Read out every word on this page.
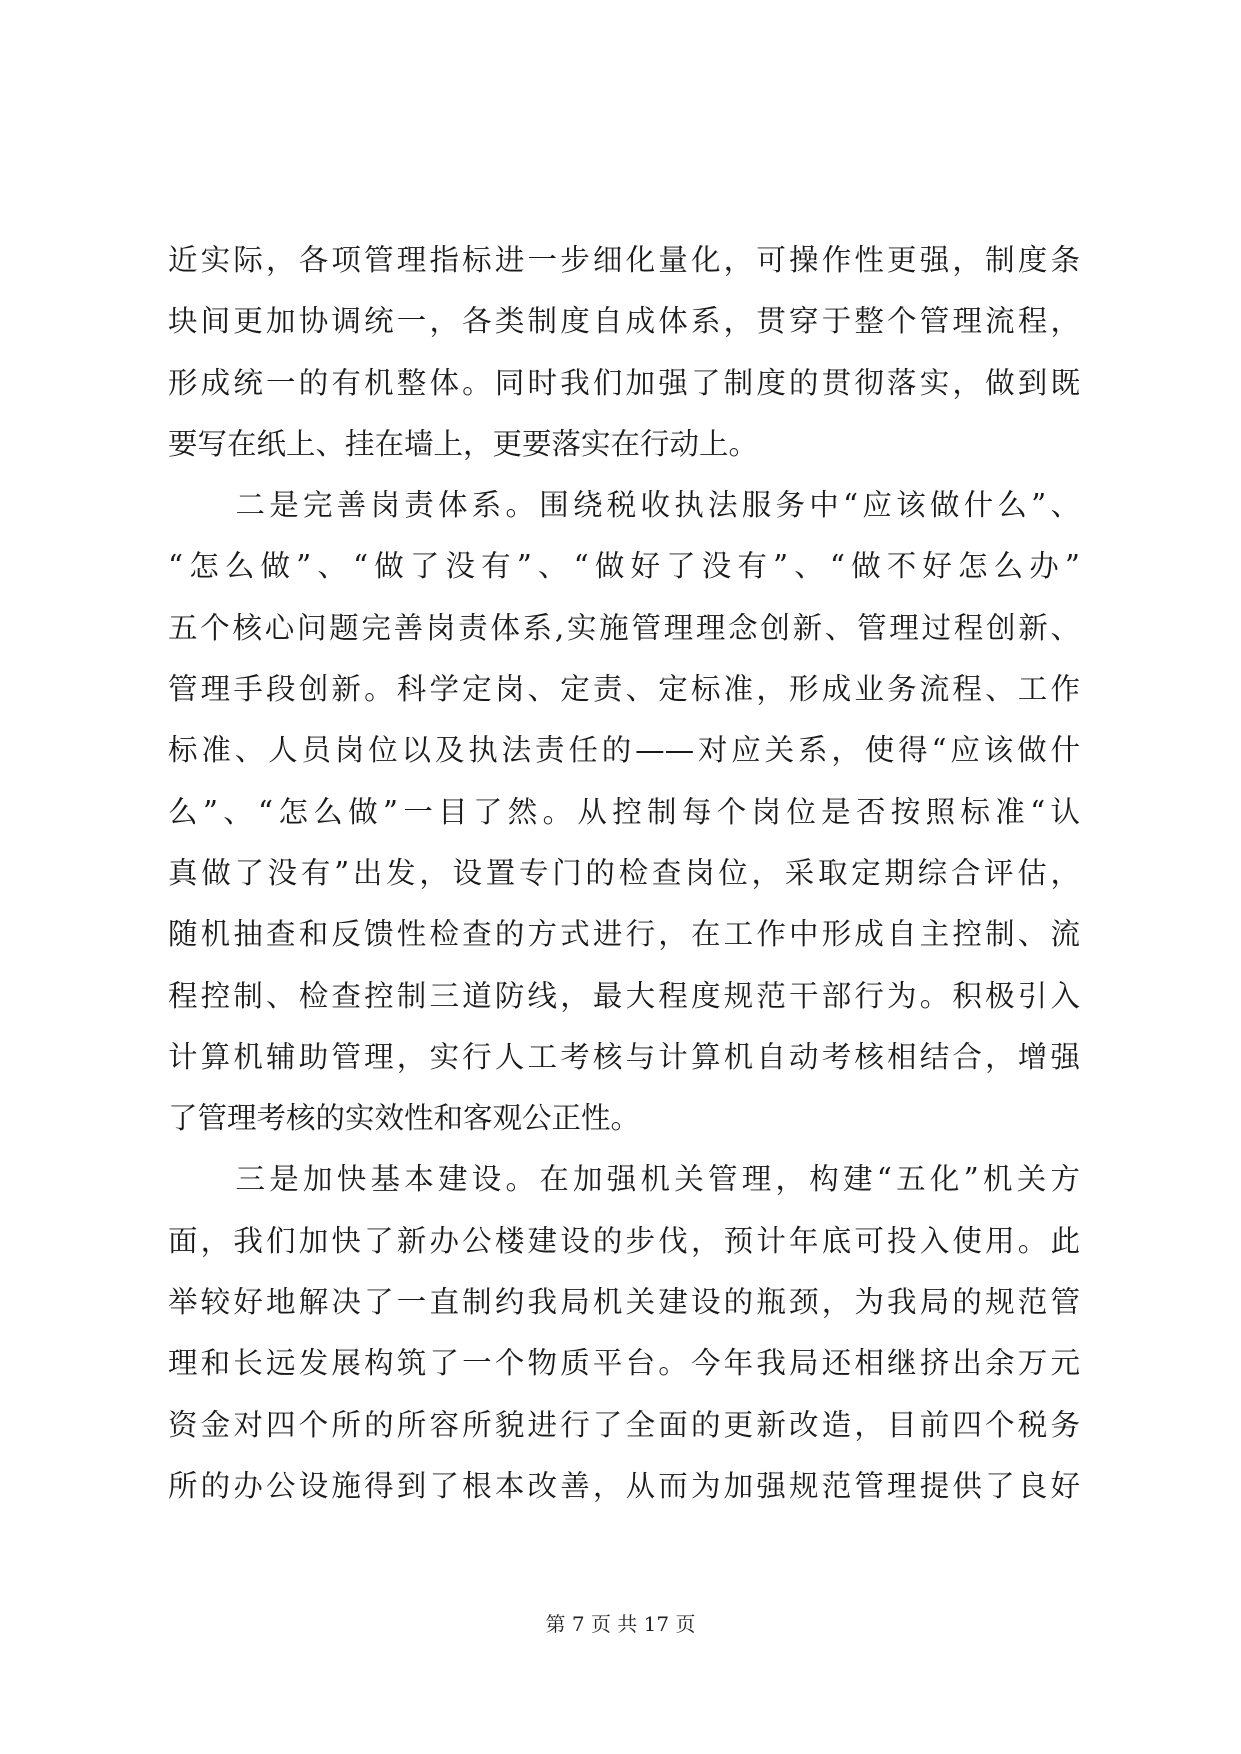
近实际，各项管理指标进一步细化量化，可操作性更强，制度条
块间更加协调统一，各类制度自成体系，贯穿于整个管理流程，
形成统一的有机整体。同时我们加强了制度的贯彻落实，做到既
要写在纸上、挂在墙上，更要落实在行动上。
　　二是完善岗责体系。围绕税收执法服务中“应该做什么”、
“怎么做”、“做了没有”、“做好了没有”、“做不好怎么办”
五个核心问题完善岗责体系,实施管理理念创新、管理过程创新、
管理手段创新。科学定岗、定责、定标准，形成业务流程、工作
标准、人员岗位以及执法责任的——对应关系，使得“应该做什
么”、“怎么做”一目了然。从控制每个岗位是否按照标准“认
真做了没有”出发，设置专门的检查岗位，采取定期综合评估，
随机抽查和反馈性检查的方式进行，在工作中形成自主控制、流
程控制、检查控制三道防线，最大程度规范干部行为。积极引入
计算机辅助管理，实行人工考核与计算机自动考核相结合，增强
了管理考核的实效性和客观公正性。
　　三是加快基本建设。在加强机关管理，构建“五化”机关方
面，我们加快了新办公楼建设的步伐，预计年底可投入使用。此
举较好地解决了一直制约我局机关建设的瓶颈，为我局的规范管
理和长远发展构筑了一个物质平台。今年我局还相继挤出余万元
资金对四个所的所容所貌进行了全面的更新改造，目前四个税务
所的办公设施得到了根本改善，从而为加强规范管理提供了良好
第 7 页 共 17 页
